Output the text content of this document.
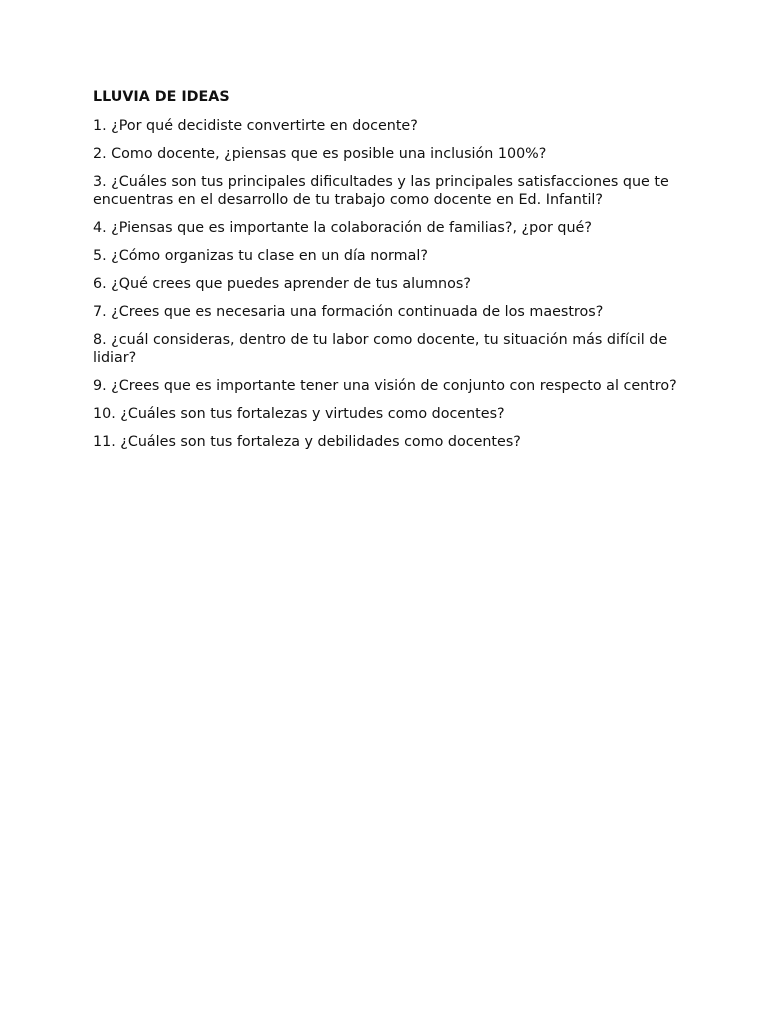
LLUVIA DE IDEAS
1. ¿Por qué decidiste convertirte en docente?
2. Como docente, ¿piensas que es posible una inclusión 100%?
3. ¿Cuáles son tus principales dificultades y las principales satisfacciones que te encuentras en el desarrollo de tu trabajo como docente en Ed. Infantil?
4. ¿Piensas que es importante la colaboración de familias?, ¿por qué?
5. ¿Cómo organizas tu clase en un día normal?
6. ¿Qué crees que puedes aprender de tus alumnos?
7. ¿Crees que es necesaria una formación continuada de los maestros?
8. ¿cuál consideras, dentro de tu labor como docente, tu situación más difícil de lidiar?
9. ¿Crees que es importante tener una visión de conjunto con respecto al centro?
10. ¿Cuáles son tus fortalezas y virtudes como docentes?
11. ¿Cuáles son tus fortaleza y debilidades como docentes?
